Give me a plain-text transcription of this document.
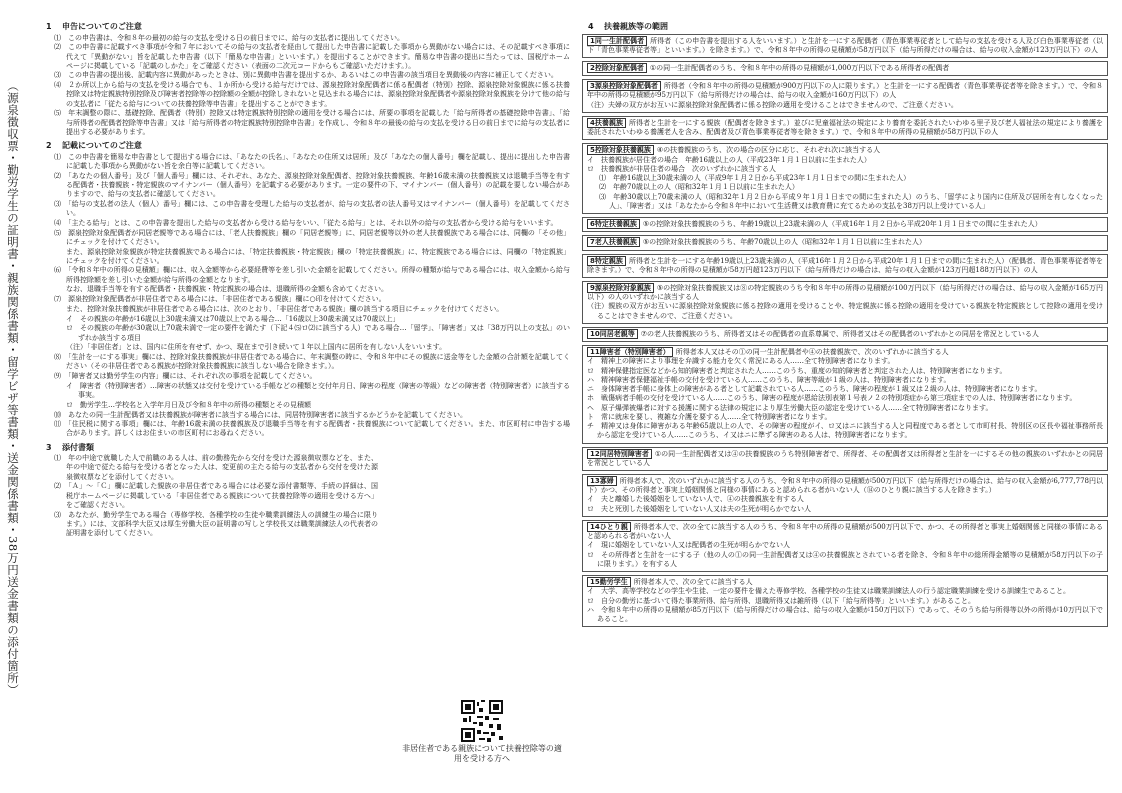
（源泉徴収票・勤労学生の証明書・親族関係書類・留学ビザ等書類・送金関係書類・38万円送金書類の添付箇所）
1 申告についてのご注意

⑴　この申告書は、令和８年の最初の給与の支払を受ける日の前日までに、給与の支払者に提出してください。

⑵　この申告書に記載すべき事項が令和７年においてその給与の支払者を経由して提出した申告書に記載した事項から異動がない場合には、その記載すべき事項に代えて「異動がない」旨を記載した申告書（以下「簡易な申告書」といいます。）を提出することができます。簡易な申告書の提出に当たっては、国税庁ホームページに掲載している「記載のしかた」をご確認ください（表面の二次元コードからもご確認いただけます。）。

⑶　この申告書の提出後、記載内容に異動があったときは、別に異動申告書を提出するか、あるいはこの申告書の該当項目を異動後の内容に補正してください。

⑷　２か所以上から給与の支払を受ける場合でも、１か所から受ける給与だけでは、源泉控除対象配偶者に係る配偶者（特別）控除、源泉控除対象親族に係る扶養控除又は特定親族特別控除及び障害者控除等の控除額の全額が控除しきれないと見込まれる場合には、源泉控除対象配偶者や源泉控除対象親族を分けて他の給与の支払者に「従たる給与についての扶養控除等申告書」を提出することができます。

⑸　年末調整の際に、基礎控除、配偶者（特別）控除又は特定親族特別控除の適用を受ける場合には、所要の事項を記載した「給与所得者の基礎控除申告書」、「給与所得者の配偶者控除等申告書」又は「給与所得者の特定親族特別控除申告書」を作成し、令和８年の最後の給与の支払を受ける日の前日までに給与の支払者に提出する必要があります。

2 記載についてのご注意

⑴　この申告書を簡易な申告書として提出する場合には、「あなたの氏名」、「あなたの住所又は居所」及び「あなたの個人番号」欄を記載し、提出に提出した申告書に記載した事項から異動がない旨を余白等に記載してください。

⑵　「あなたの個人番号」及び「個人番号」欄には、それぞれ、あなた、源泉控除対象配偶者、控除対象扶養親族、年齢16歳未満の扶養親族又は退職手当等を有する配偶者・扶養親族・特定親族のマイナンバー（個人番号）を記載する必要があります。一定の要件の下、マイナンバー（個人番号）の記載を要しない場合がありますので、給与の支払者に確認してください。

⑶　「給与の支払者の法人（個人）番号」欄には、この申告書を受理した給与の支払者が、給与の支払者の法人番号又はマイナンバー（個人番号）を記載してください。

⑷　「主たる給与」とは、この申告書を提出した給与の支払者から受ける給与をいい、「従たる給与」とは、それ以外の給与の支払者から受ける給与をいいます。

⑸　源泉控除対象配偶者が同居老親等である場合には、「老人扶養親族」欄の「同居老親等」に、同居老親等以外の老人扶養親族である場合には、同欄の「その他」にチェックを付けてください。

また、源泉控除対象親族が特定扶養親族である場合には、「特定扶養親族・特定親族」欄の「特定扶養親族」に、特定親族である場合には、同欄の「特定親族」にチェックを付けてください。

⑹　「令和８年中の所得の見積額」欄には、収入金額等から必要経費等を差し引いた金額を記載してください。所得の種類が給与である場合には、収入金額から給与所得控除額を差し引いた金額が給与所得の金額となります。

なお、退職手当等を有する配偶者・扶養親族・特定親族の場合は、退職所得の金額も含めてください。

⑺　源泉控除対象配偶者が非居住者である場合には、「非居住者である親族」欄に○印を付けてください。

また、控除対象扶養親族が非居住者である場合には、次のとおり、「非居住者である親族」欄の該当する項目にチェックを付けてください。

イ　その親族の年齢が16歳以上30歳未満又は70歳以上である場合…「16歳以上30歳未満又は70歳以上」

ロ　その親族の年齢が30歳以上70歳未満で一定の要件を満たす（下記４⑸ロ⑵に該当する人）である場合…「留学」、「障害者」又は「38万円以上の支払」のいずれか該当する項目

（注）「非居住者」とは、国内に住所を有せず、かつ、現在まで引き続いて１年以上国内に居所を有しない人をいいます。

⑻　「生計を一にする事実」欄には、控除対象扶養親族が非居住者である場合に、年末調整の時に、令和８年中にその親族に送金等をした金額の合計額を記載してください（その非居住者である親族が控除対象扶養親族に該当しない場合を除きます。）。

⑼　「障害者又は勤労学生の内容」欄には、それぞれ次の事項を記載してください。

イ　障害者（特別障害者）…障害の状態又は交付を受けている手帳などの種類と交付年月日、障害の程度（障害の等級）などの障害者（特別障害者）に該当する事実。

ロ　勤労学生…学校名と入学年月日及び令和８年中の所得の種類とその見積額

⑽　あなたの同一生計配偶者又は扶養親族が障害者に該当する場合には、同居特別障害者に該当するかどうかを記載してください。

⑾　「住民税に関する事項」欄には、年齢16歳未満の扶養親族及び退職手当等を有する配偶者・扶養親族について記載してください。また、市区町村に申告する場合があります。詳しくはお住まいの市区町村にお尋ねください。

3 添付書類

⑴　年の中途で就職した人で前職のある人は、前の勤務先から交付を受けた源泉徴収票などを、また、年の中途で従たる給与を受ける者となった人は、変更前の主たる給与の支払者から交付を受けた源泉徴収票などを添付してください。

⑵　「Ａ」～「Ｃ」欄に記載した親族の非居住者である場合には必要な添付書類等、手続の詳細は、国税庁ホームページに掲載している「非居住者である親族について扶養控除等の適用を受ける方へ」をご確認ください。

⑶　あなたが、勤労学生である場合（専修学校、各種学校の生徒や職業訓練法人の訓練生の場合に限ります。）には、文部科学大臣又は厚生労働大臣の証明書の写しと学校長又は職業訓練法人の代表者の証明書を添付してください。

非居住者である親族について扶養控除等の適用を受ける方へ
4 扶養親族等の範囲

1同一生計配偶者 所得者（この申告書を提出する人をいいます。）と生計を一にする配偶者（青色事業専従者として給与の支払を受ける人及び白色事業専従者（以下「青色事業専従者等」といいます。）を除きます。）で、令和８年中の所得の見積額が58万円以下（給与所得だけの場合は、給与の収入金額が123万円以下）の人

2控除対象配偶者 ①の同一生計配偶者のうち、令和８年中の所得の見積額が1,000万円以下である所得者の配偶者

3源泉控除対象配偶者 所得者（令和８年中の所得の見積額が900万円以下の人に限ります。）と生計を一にする配偶者（青色事業専従者等を除きます。）で、令和８年中の所得の見積額が95万円以下（給与所得だけの場合は、給与の収入金額が160万円以下）の人

（注）夫婦の双方がお互いに源泉控除対象配偶者に係る控除の適用を受けることはできませんので、ご注意ください。

4扶養親族 所得者と生計を一にする親族（配偶者を除きます。）並びに児童福祉法の規定により養育を委託されたいわゆる里子及び老人福祉法の規定により養護を委託されたいわゆる養護老人を含み、配偶者及び青色事業専従者等を除きます。）で、令和８年中の所得の見積額が58万円以下の人

5控除対象扶養親族 ④の扶養親族のうち、次の場合の区分に応じ、それぞれ次に該当する人

イ　扶養親族が居住者の場合　年齢16歳以上の人（平成23年１月１日以前に生まれた人）

ロ　扶養親族が非居住者の場合　次のいずれかに該当する人

⑴　年齢16歳以上30歳未満の人（平成9年１月２日から平成23年１月１日までの間に生まれた人）

⑵　年齢70歳以上の人（昭和32年１月１日以前に生まれた人）

⑶　年齢30歳以上70歳未満の人（昭和32年１月２日から平成９年１月１日までの間に生まれた人）のうち、「留学により国内に住所及び居所を有しなくなった人」、「障害者」又は「あなたから令和８年中において生活費又は教育費に充てるための支払を38万円以上受けている人」

6特定扶養親族 ⑤の控除対象扶養親族のうち、年齢19歳以上23歳未満の人（平成16年１月２日から平成20年１月１日までの間に生まれた人）

7老人扶養親族 ⑤の控除対象扶養親族のうち、年齢70歳以上の人（昭和32年１月１日以前に生まれた人）

8特定親族 所得者と生計を一にする年齢19歳以上23歳未満の人（平成16年１月２日から平成20年１月１日までの間に生まれた人）（配偶者、青色事業専従者等を除きます。）で、令和８年中の所得の見積額が58万円超123万円以下（給与所得だけの場合は、給与の収入金額が123万円超188万円以下）の人

9源泉控除対象親族 ⑤の控除対象扶養親族又は⑧の特定親族のうち令和８年中の所得の見積額が100万円以下（給与所得だけの場合は、給与の収入金額が165万円以下）の人のいずれかに該当する人

（注）親族の双方がお互いに源泉控除対象親族に係る控除の適用を受けることや、特定親族に係る控除の適用を受けている親族を特定親族として控除の適用を受けることはできませんので、ご注意ください。

10同居老親等 ⑦の老人扶養親族のうち、所得者又はその配偶者の直系尊属で、所得者又はその配偶者のいずれかとの同居を常況としている人

11障害者（特別障害者） 所得者本人又はその①の同一生計配偶者や④の扶養親族で、次のいずれかに該当する人

イ　精神上の障害により事理を弁識する能力を欠く常況にある人……全て特別障害者になります。

ロ　精神保健指定医などから知的障害者と判定された人……このうち、重度の知的障害者と判定された人は、特別障害者になります。

ハ　精神障害者保健福祉手帳の交付を受けている人……このうち、障害等級が１級の人は、特別障害者になります。

ニ　身体障害者手帳に身体上の障害がある者として記載されている人……このうち、障害の程度が１級又は２級の人は、特別障害者になります。

ホ　戦傷病者手帳の交付を受けている人……このうち、障害の程度が恩給法別表第１号表ノ２の特別項症から第三項症までの人は、特別障害者になります。

ヘ　原子爆弾被爆者に対する援護に関する法律の規定により厚生労働大臣の認定を受けている人……全て特別障害者になります。

ト　常に就床を要し、複雑な介護を要する人……全て特別障害者になります。

チ　精神又は身体に障害がある年齢65歳以上の人で、その障害の程度がイ、ロ又はニに該当する人と同程度である者として市町村長、特別区の区長や福祉事務所長から認定を受けている人……このうち、イ又はニに準ずる障害のある人は、特別障害者になります。

12同居特別障害者 ①の同一生計配偶者又は④の扶養親族のうち特別障害者で、所得者、その配偶者又は所得者と生計を一にするその他の親族のいずれかとの同居を常況としている人

13寡婦 所得者本人で、次のいずれかに該当する人のうち、令和８年中の所得の見積額が500万円以下（給与所得だけの場合は、給与の収入金額が6,777,778円以下）かつ、その所得者と事実上婚姻関係と同様の事情にあると認められる者がいない人（⑭のひとり親に該当する人を除きます。）

イ　夫と離婚した後婚姻をしていない人で、④の扶養親族を有する人

ロ　夫と死別した後婚姻をしていない人又は夫の生死が明らかでない人

14ひとり親 所得者本人で、次の全てに該当する人のうち、令和８年中の所得の見積額が500万円以下で、かつ、その所得者と事実上婚姻関係と同様の事情にあると認められる者がいない人

イ　現に婚姻をしていない人又は配偶者の生死が明らかでない人

ロ　その所得者と生計を一にする子（他の人の①の同一生計配偶者又は④の扶養親族とされている者を除き、令和８年中の総所得金額等の見積額が58万円以下の子に限ります。）を有する人

15勤労学生 所得者本人で、次の全てに該当する人

イ　大学、高等学校などの学生や生徒、一定の要件を備えた専修学校、各種学校の生徒又は職業訓練法人の行う認定職業訓練を受ける訓練生であること。

ロ　自分の勤労に基づいて得た事業所得、給与所得、退職所得又は雑所得（以下「給与所得等」といいます。）があること。

ハ　令和８年中の所得の見積額が85万円以下（給与所得だけの場合は、給与の収入金額が150万円以下）であって、そのうち給与所得等以外の所得が10万円以下であること。
